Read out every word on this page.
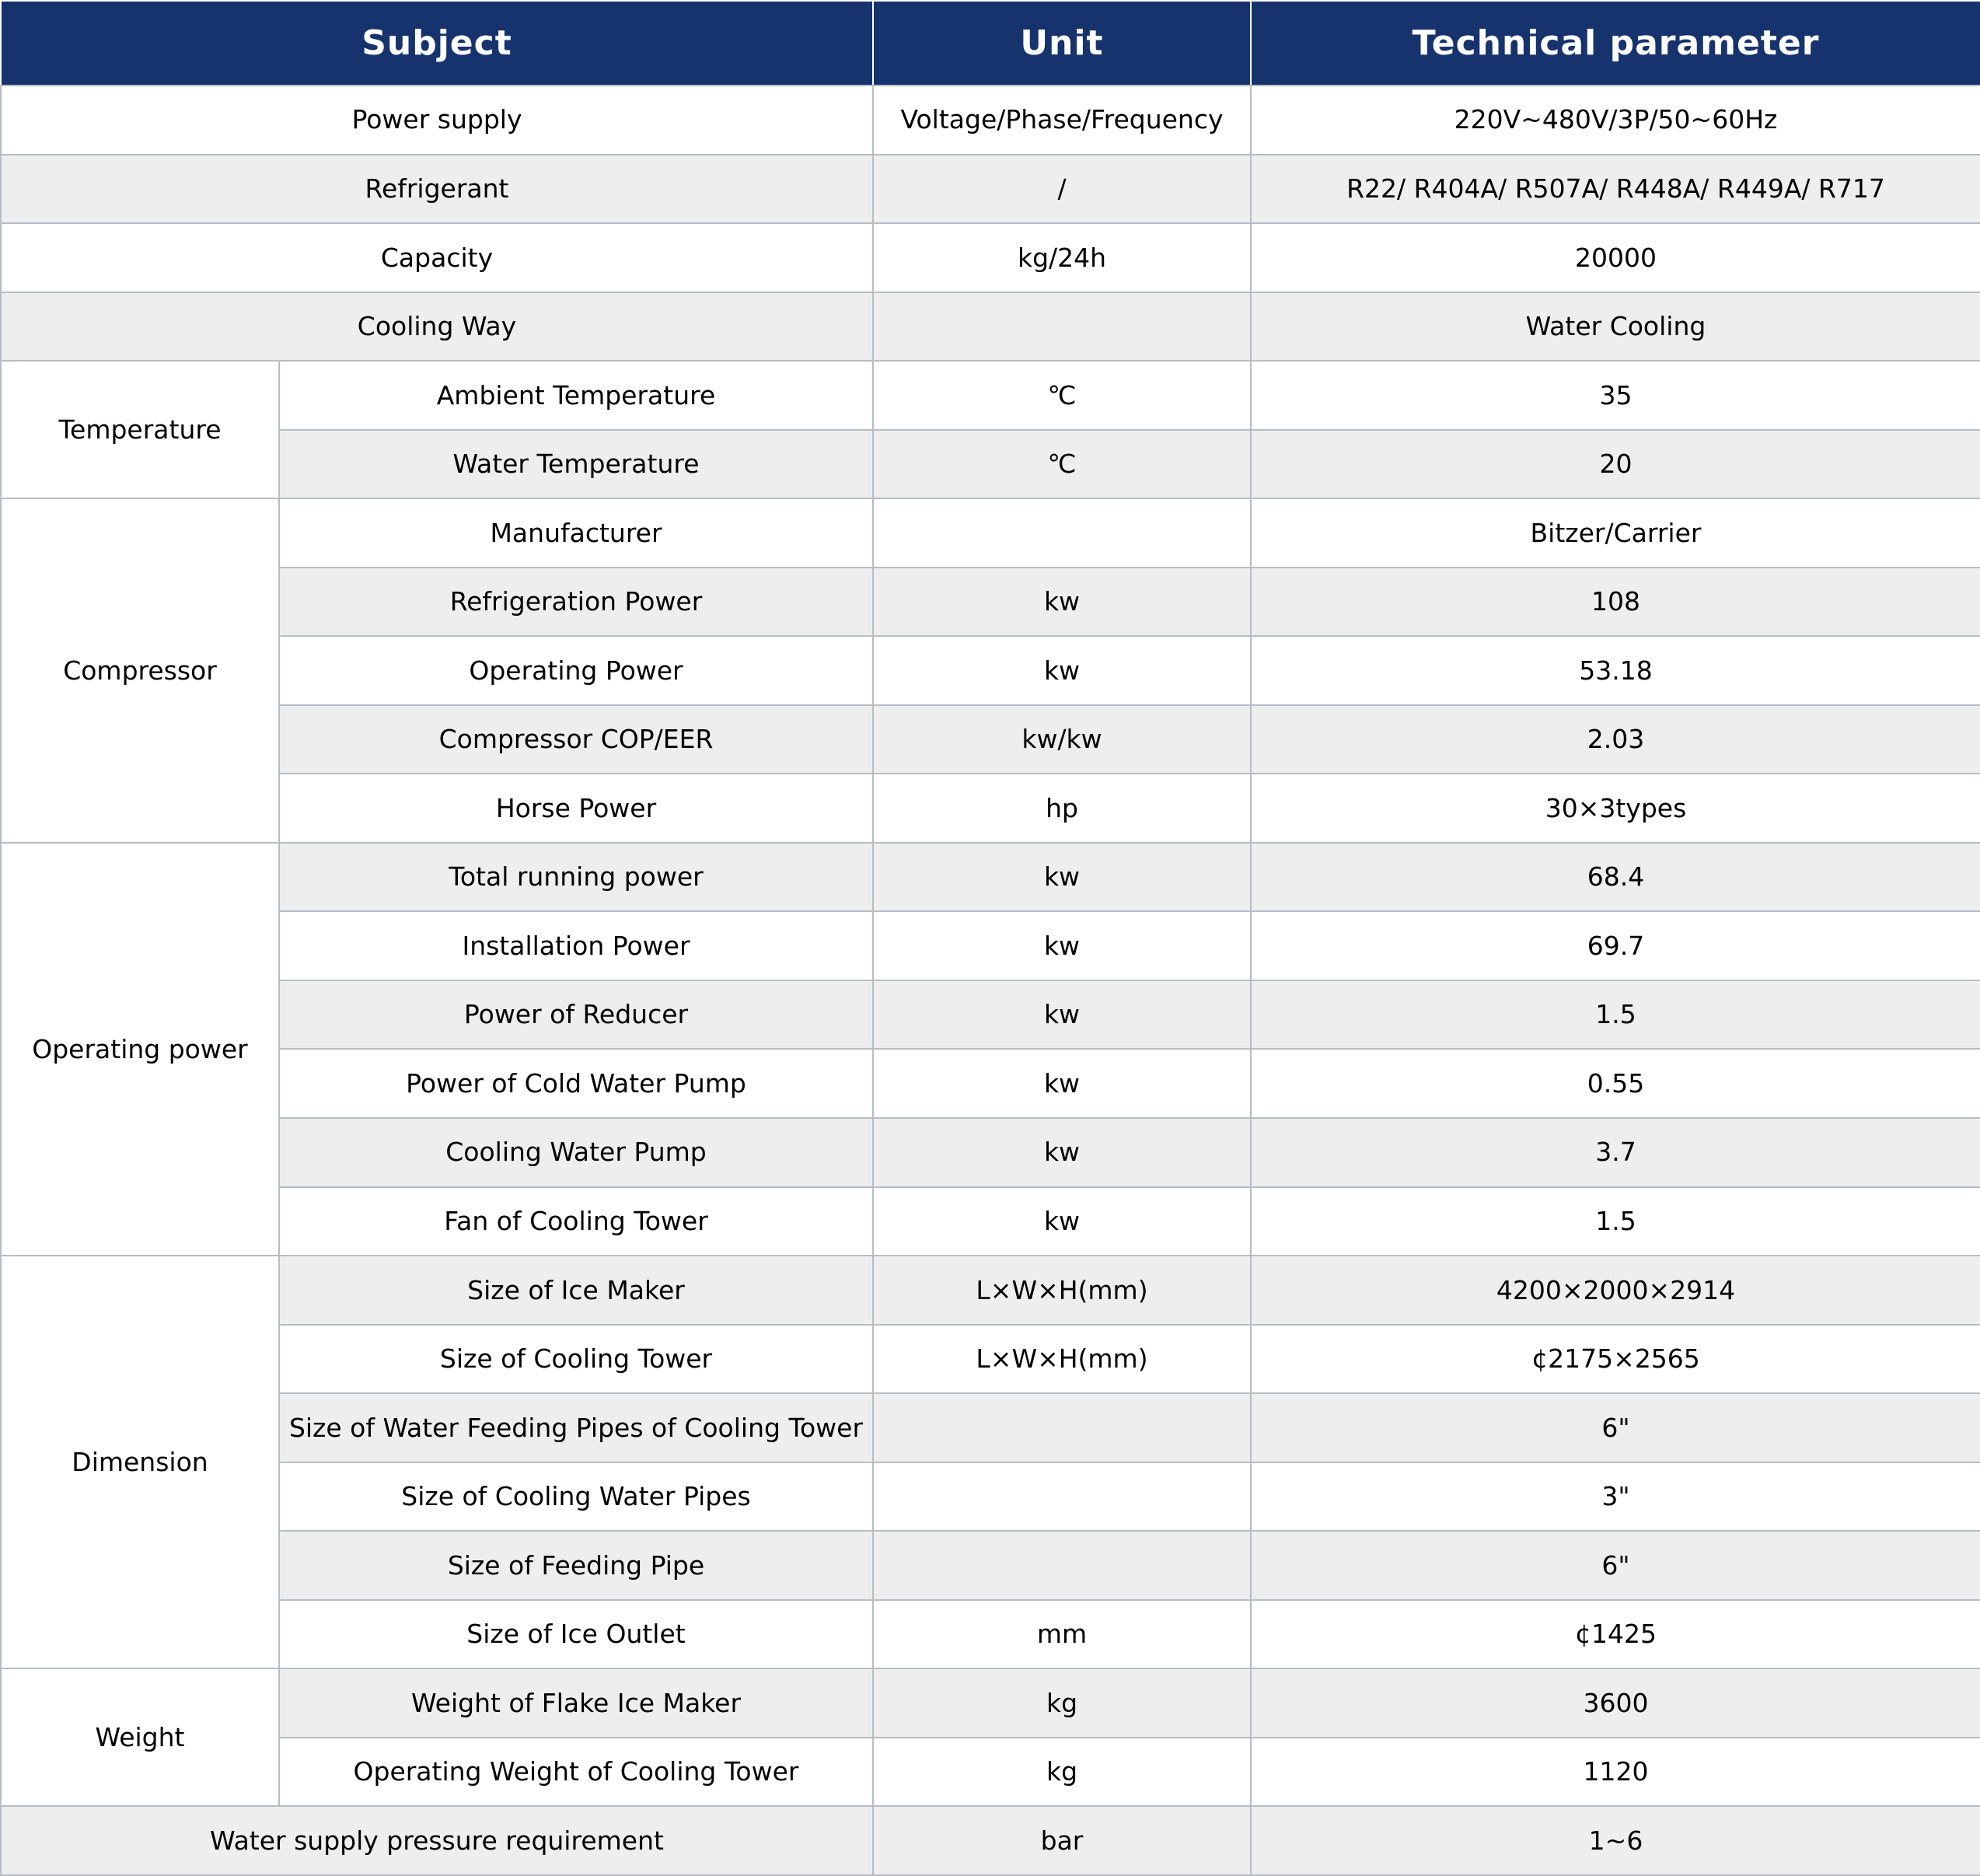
Subject		Unit	Technical parameter
Power supply		Voltage/Phase/Frequency	220V~480V/3P/50~60Hz
Refrigerant		/	R22/ R404A/ R507A/ R448A/ R449A/ R717
Capacity		kg/24h	20000
Cooling Way			Water Cooling
Temperature	Ambient Temperature	℃	35
	Water Temperature	℃	20
Compressor	Manufacturer		Bitzer/Carrier
	Refrigeration Power	kw	108
	Operating Power	kw	53.18
	Compressor COP/EER	kw/kw	2.03
	Horse Power	hp	30×3types
Operating power	Total running power	kw	68.4
	Installation Power	kw	69.7
	Power of Reducer	kw	1.5
	Power of Cold Water Pump	kw	0.55
	Cooling Water Pump	kw	3.7
	Fan of Cooling Tower	kw	1.5
Dimension	Size of Ice Maker	L×W×H(mm)	4200×2000×2914
	Size of Cooling Tower	L×W×H(mm)	¢2175×2565
	Size of Water Feeding Pipes of Cooling Tower		6"
	Size of Cooling Water Pipes		3"
	Size of Feeding Pipe		6"
	Size of Ice Outlet	mm	¢1425
Weight	Weight of Flake Ice Maker	kg	3600
	Operating Weight of Cooling Tower	kg	1120
Water supply pressure requirement		bar	1~6
